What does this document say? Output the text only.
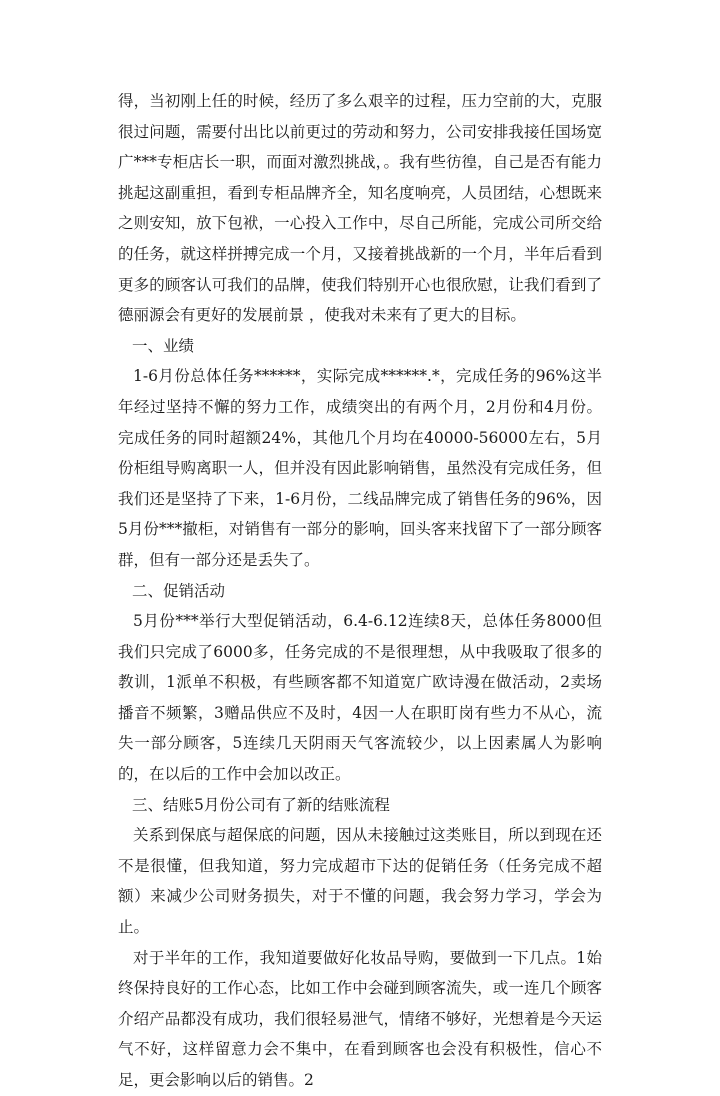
得，当初刚上任的时候，经历了多么艰辛的过程，压力空前的大，克服很过问题，需要付出比以前更过的劳动和努力，公司安排我接任国场宽广***专柜店长一职，而面对激烈挑战，。我有些彷徨，自己是否有能力挑起这副重担，看到专柜品牌齐全，知名度响亮，人员团结，心想既来之则安知，放下包袱，一心投入工作中，尽自己所能，完成公司所交给的任务，就这样拼搏完成一个月，又接着挑战新的一个月，半年后看到更多的顾客认可我们的品牌，使我们特别开心也很欣慰，让我们看到了德丽源会有更好的发展前景 ，使我对未来有了更大的目标。

一、业绩

1-6月份总体任务******，实际完成******.*，完成任务的96%这半年经过坚持不懈的努力工作，成绩突出的有两个月，2月份和4月份。完成任务的同时超额24%，其他几个月均在40000-56000左右，5月份柜组导购离职一人，但并没有因此影响销售，虽然没有完成任务，但我们还是坚持了下来，1-6月份，二线品牌完成了销售任务的96%，因5月份***撤柜，对销售有一部分的影响，回头客来找留下了一部分顾客群，但有一部分还是丢失了。

二、促销活动

5月份***举行大型促销活动，6.4-6.12连续8天，总体任务8000但我们只完成了6000多，任务完成的不是很理想，从中我吸取了很多的教训，1派单不积极，有些顾客都不知道宽广欧诗漫在做活动，2卖场播音不频繁，3赠品供应不及时，4因一人在职盯岗有些力不从心，流失一部分顾客，5连续几天阴雨天气客流较少，以上因素属人为影响的，在以后的工作中会加以改正。

三、结账5月份公司有了新的结账流程

关系到保底与超保底的问题，因从未接触过这类账目，所以到现在还不是很懂，但我知道，努力完成超市下达的促销任务（任务完成不超额）来减少公司财务损失，对于不懂的问题，我会努力学习，学会为止。

对于半年的工作，我知道要做好化妆品导购，要做到一下几点。1始终保持良好的工作心态，比如工作中会碰到顾客流失，或一连几个顾客介绍产品都没有成功，我们很轻易泄气，情绪不够好，光想着是今天运气不好，这样留意力会不集中，在看到顾客也会没有积极性，信心不足，更会影响以后的销售。2
